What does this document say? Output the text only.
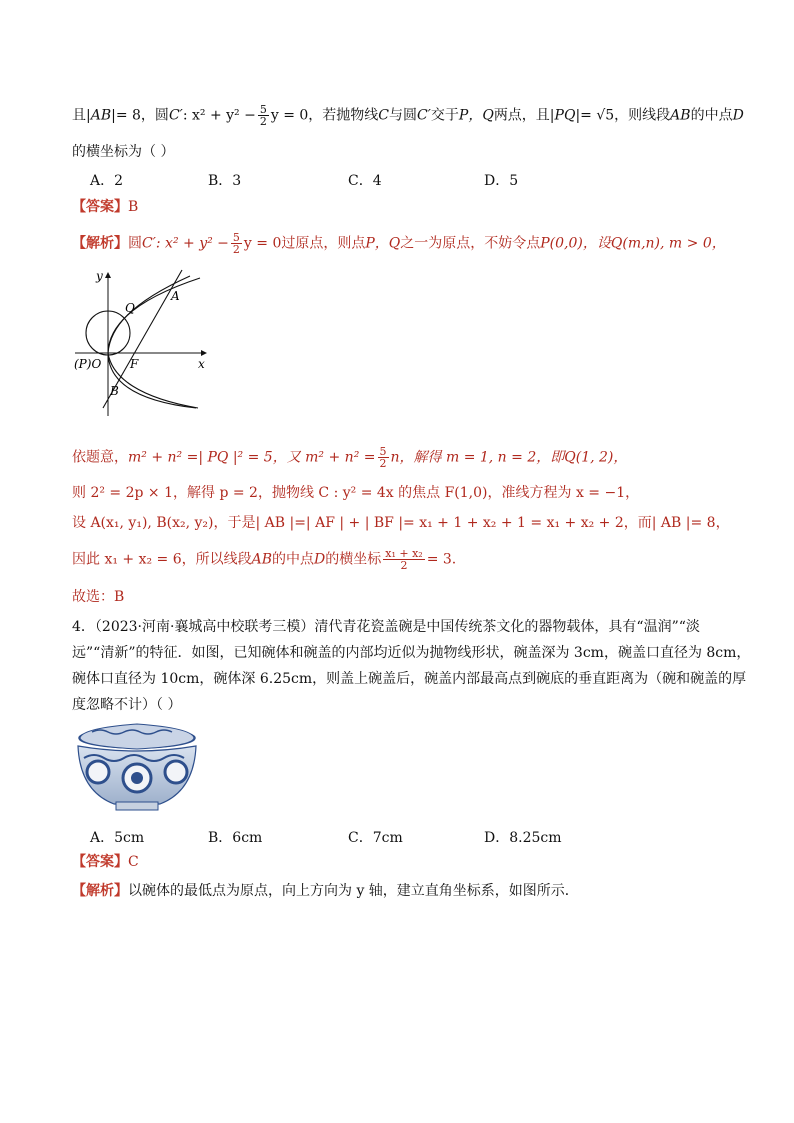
且|AB|= 8，圆C′: $x^2 + y^2 - \frac{5}{2}$ y = 0，若抛物线C与圆C′交于P，Q两点，且|PQ|= √5，则线段AB的中点D
的横坐标为（ ）
A．2	B．3	C．4	D．5
【答案】B
【解析】圆C′: $x^2 + y^2 - \frac{5}{2}$ y = 0过原点，则点P，Q之一为原点，不妨令点P(0,0)，设Q(m,n), m > 0，
y
x
Q
A
(P)O F
B
依题意，m² + n² =| PQ |² = 5，又 $m^2 + n^2 = \frac{5}{2}$ n，解得 m = 1, n = 2，即Q(1, 2)，
则 2² = 2p × 1，解得 p = 2，抛物线 C : y² = 4x 的焦点 F(1,0)，准线方程为 x = −1，
设 A(x₁, y₁), B(x₂, y₂)，于是| AB |=| AF | + | BF |= x₁ + 1 + x₂ + 1 = x₁ + x₂ + 2，而| AB |= 8，
因此 x₁ + x₂ = 6，所以线段AB的中点D的横坐标 $\frac{\text{x₁ + x₂}}{2} = 3$.
故选：B
4．（2023·河南·襄城高中校联考三模）清代青花瓷盖碗是中国传统茶文化的器物载体，具有“温润”“淡
远”“清新”的特征．如图，已知碗体和碗盖的内部均近似为抛物线形状，碗盖深为 3cm，碗盖口直径为 8cm，
碗体口直径为 10cm，碗体深 6.25cm，则盖上碗盖后，碗盖内部最高点到碗底的垂直距离为（碗和碗盖的厚
度忽略不计）（ ）
A．5cm	B．6cm	C．7cm	D．8.25cm
【答案】C
【解析】以碗体的最低点为原点，向上方向为 y 轴，建立直角坐标系，如图所示．
